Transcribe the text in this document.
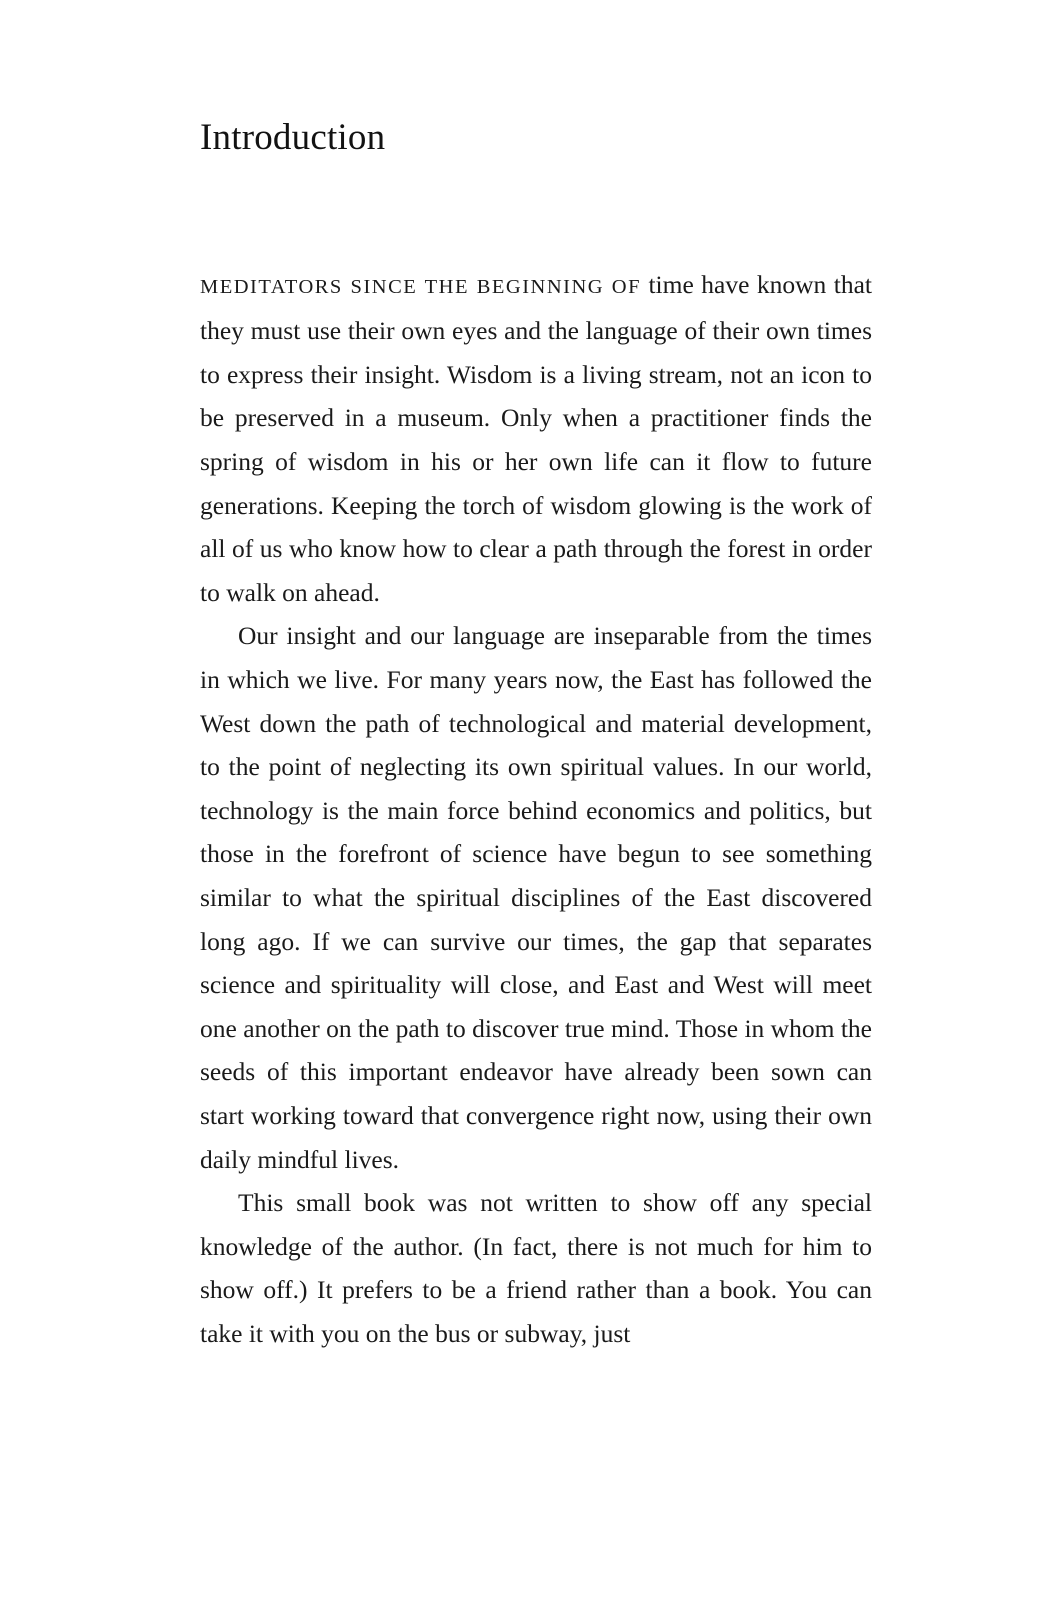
Introduction

MEDITATORS SINCE THE BEGINNING OF time have known that they must use their own eyes and the language of their own times to express their insight. Wisdom is a living stream, not an icon to be preserved in a museum. Only when a practitioner finds the spring of wisdom in his or her own life can it flow to future generations. Keeping the torch of wisdom glowing is the work of all of us who know how to clear a path through the forest in order to walk on ahead.

Our insight and our language are inseparable from the times in which we live. For many years now, the East has followed the West down the path of technological and material development, to the point of neglecting its own spiritual values. In our world, technology is the main force behind economics and politics, but those in the forefront of science have begun to see something similar to what the spiritual disciplines of the East discovered long ago. If we can survive our times, the gap that separates science and spirituality will close, and East and West will meet one another on the path to discover true mind. Those in whom the seeds of this important endeavor have already been sown can start working toward that convergence right now, using their own daily mindful lives.

This small book was not written to show off any special knowledge of the author. (In fact, there is not much for him to show off.) It prefers to be a friend rather than a book. You can take it with you on the bus or subway, just
